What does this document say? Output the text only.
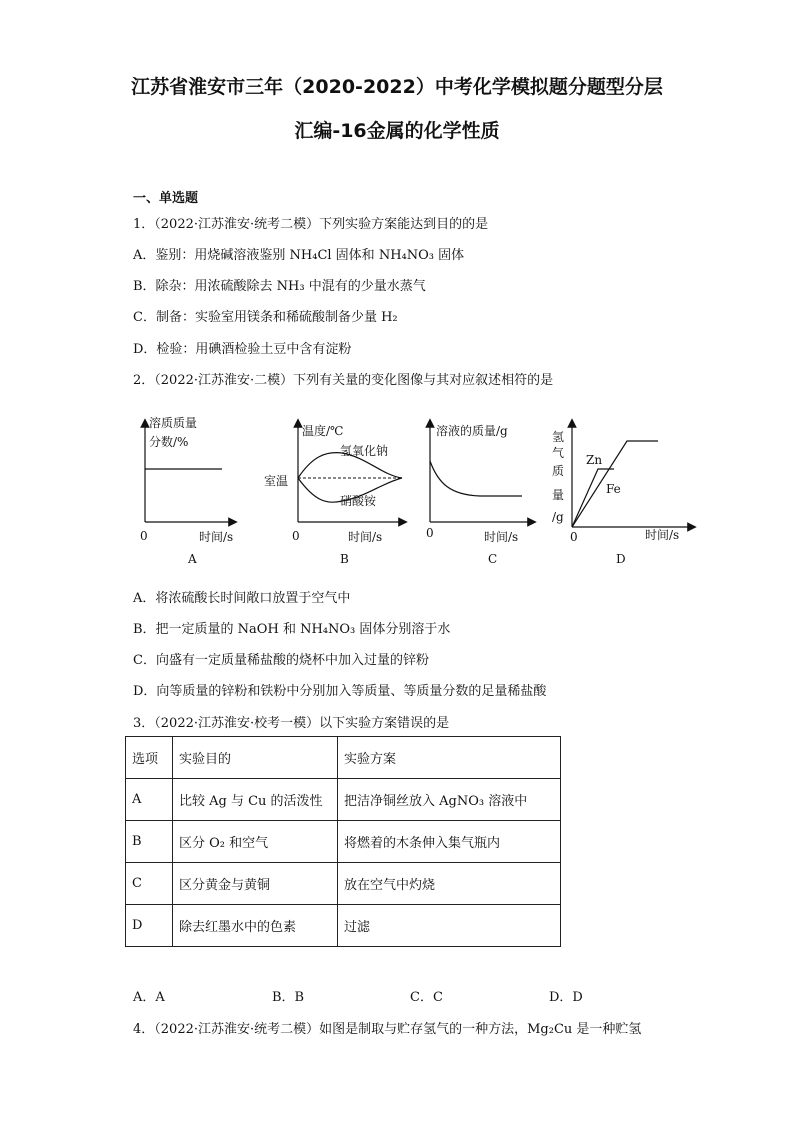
江苏省淮安市三年（2020-2022）中考化学模拟题分题型分层
汇编-16金属的化学性质
一、单选题
1．（2022·江苏淮安·统考二模）下列实验方案能达到目的的是
A．鉴别：用烧碱溶液鉴别 NH₄Cl 固体和 NH₄NO₃ 固体
B．除杂：用浓硫酸除去 NH₃ 中混有的少量水蒸气
C．制备：实验室用镁条和稀硫酸制备少量 H₂
D．检验：用碘酒检验土豆中含有淀粉
2．（2022·江苏淮安·二模）下列有关量的变化图像与其对应叙述相符的是
溶质质量
分数/%
0	时间/s
A
温度/℃
氢氧化钠
硝酸铵
室温
0	时间/s
B
溶液的质量/g
0	时间/s
C
氢
气
质
量
/g
Zn
Fe
0	时间/s
D
A．将浓硫酸长时间敞口放置于空气中
B．把一定质量的 NaOH 和 NH₄NO₃ 固体分别溶于水
C．向盛有一定质量稀盐酸的烧杯中加入过量的锌粉
D．向等质量的锌粉和铁粉中分别加入等质量、等质量分数的足量稀盐酸
3．（2022·江苏淮安·校考一模）以下实验方案错误的是
选项	实验目的	实验方案
A	比较 Ag 与 Cu 的活泼性	把洁净铜丝放入 AgNO₃ 溶液中
B	区分 O₂ 和空气	将燃着的木条伸入集气瓶内
C	区分黄金与黄铜	放在空气中灼烧
D	除去红墨水中的色素	过滤
A．A	B．B	C．C	D．D
4．（2022·江苏淮安·统考二模）如图是制取与贮存氢气的一种方法，Mg₂Cu 是一种贮氢
